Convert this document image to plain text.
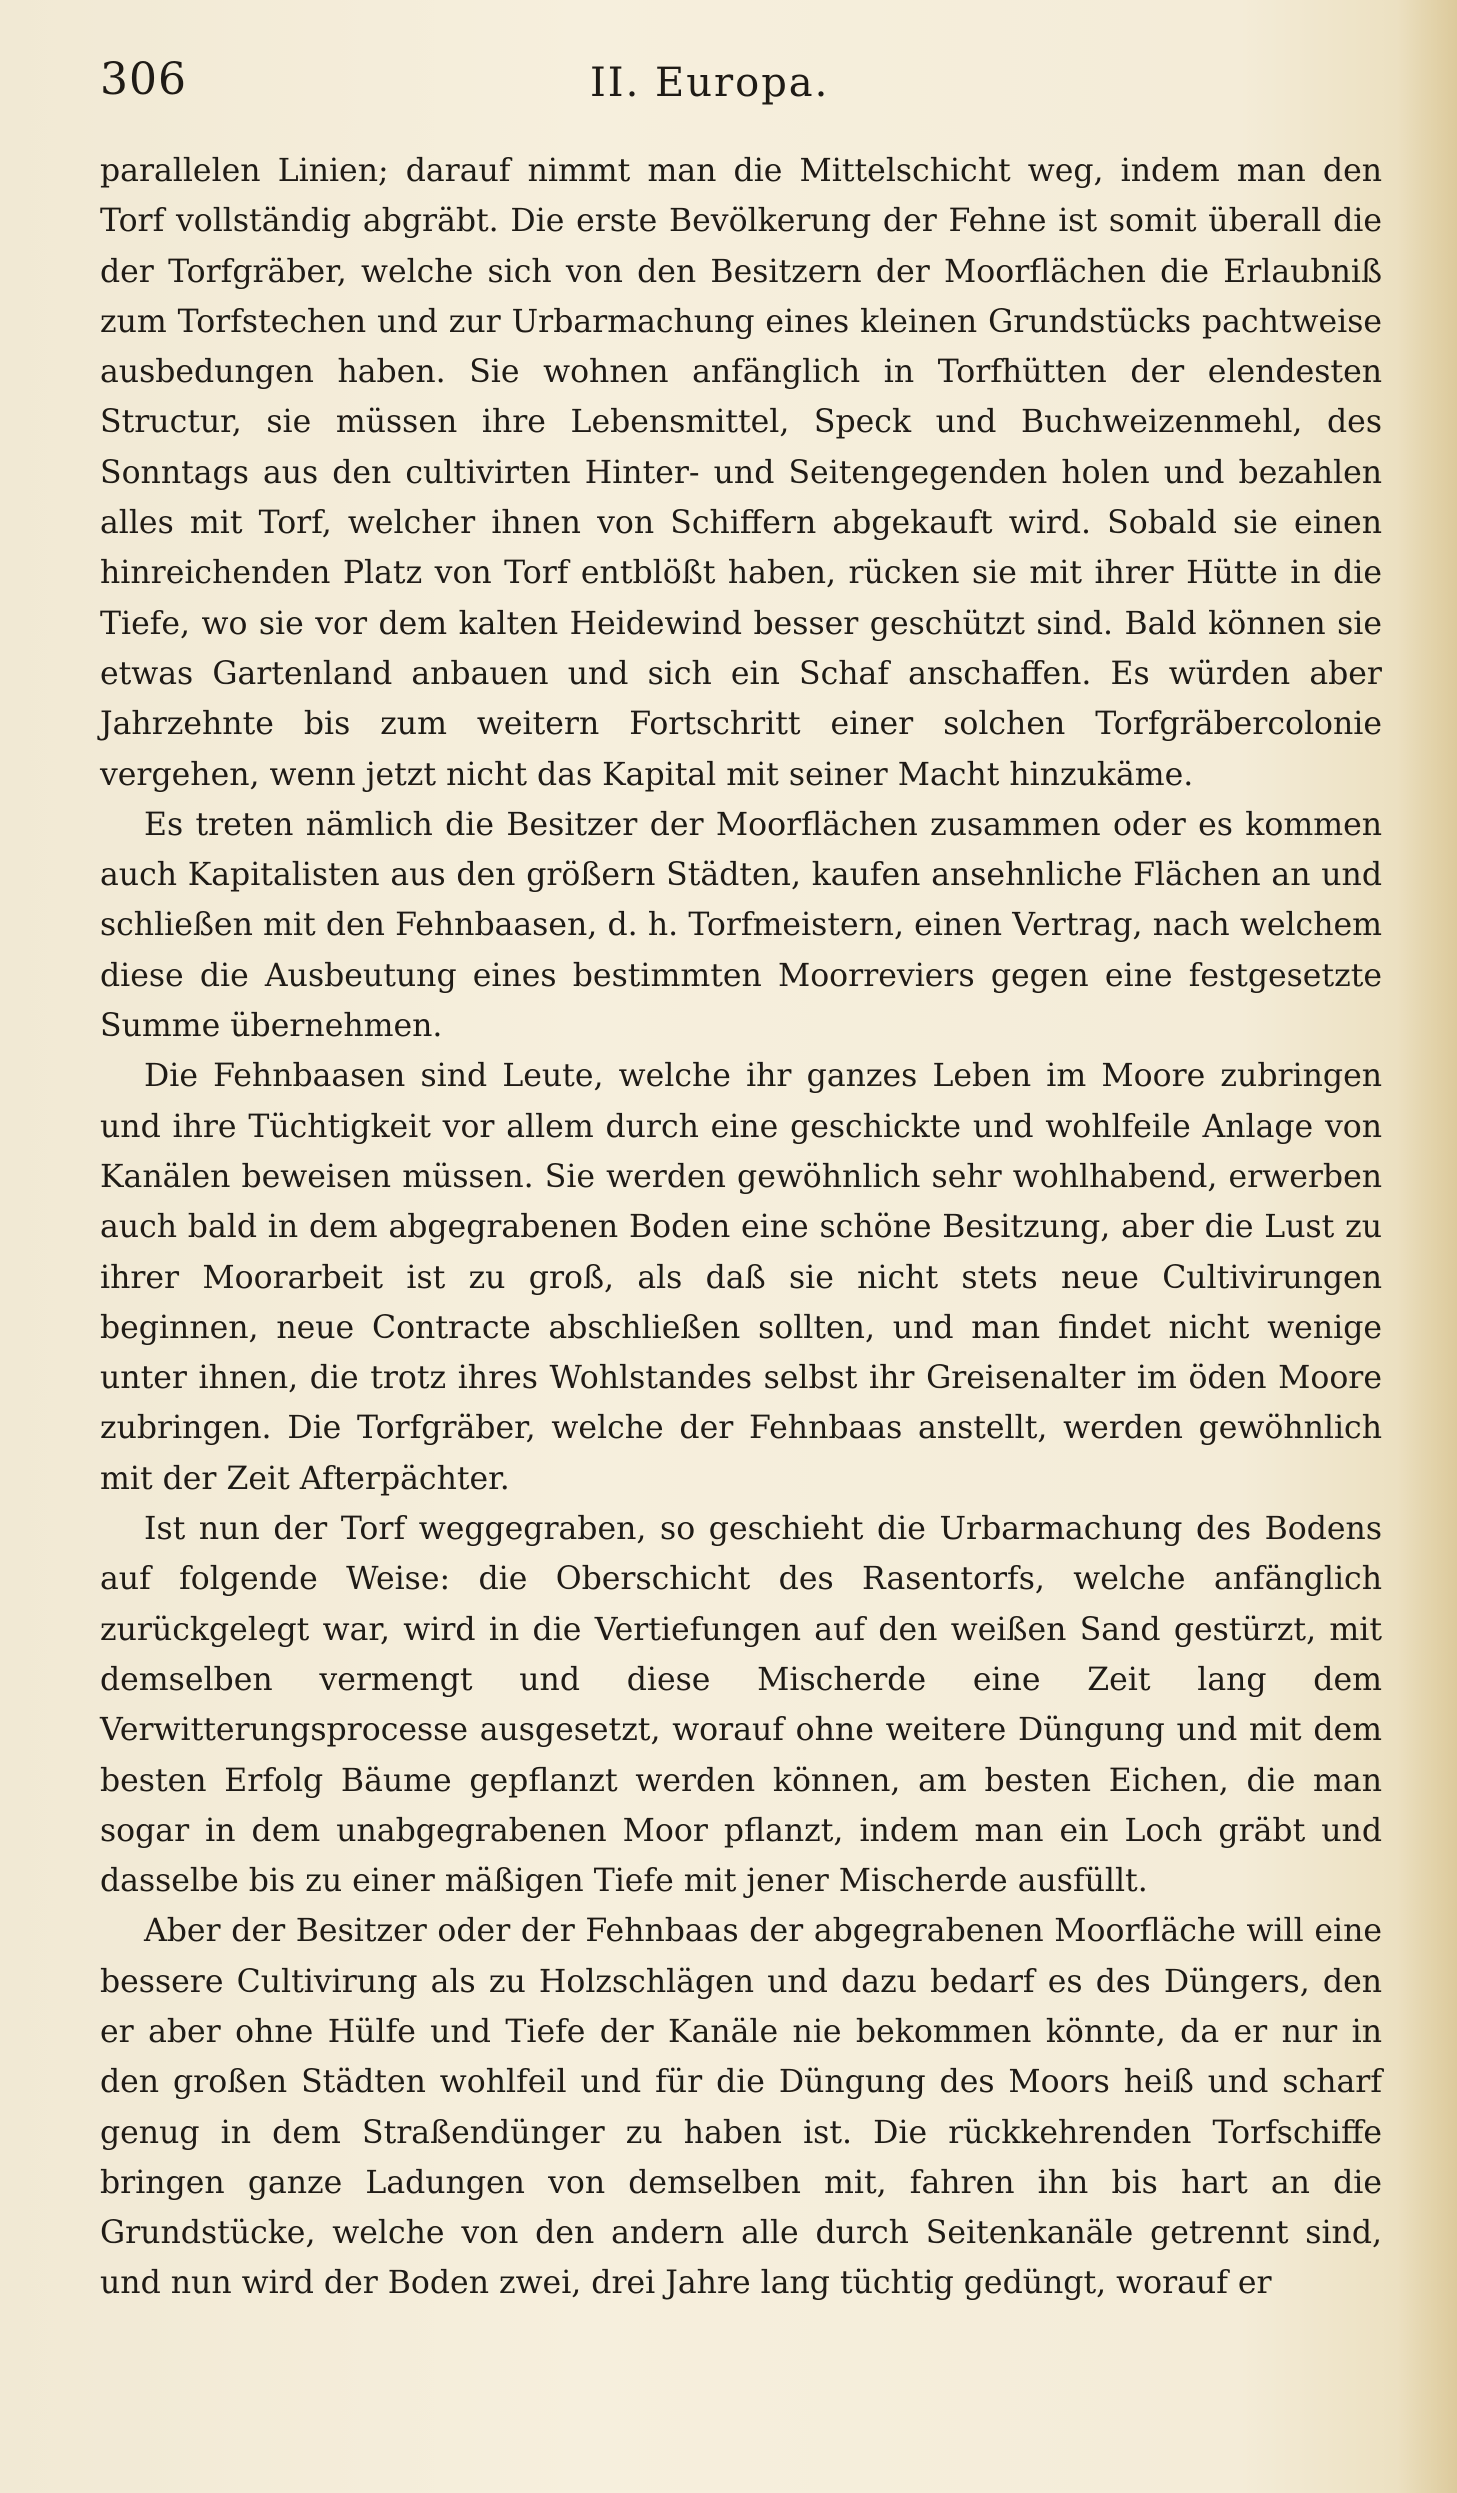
306	II. Europa.

parallelen Linien; darauf nimmt man die Mittelschicht weg, indem man den Torf vollständig abgräbt. Die erste Bevölkerung der Fehne ist somit überall die der Torfgräber, welche sich von den Besitzern der Moorflächen die Erlaubniß zum Torfstechen und zur Urbarmachung eines kleinen Grundstücks pachtweise ausbedungen haben. Sie wohnen anfänglich in Torfhütten der elendesten Structur, sie müssen ihre Lebensmittel, Speck und Buchweizenmehl, des Sonntags aus den cultivirten Hinter- und Seitengegenden holen und bezahlen alles mit Torf, welcher ihnen von Schiffern abgekauft wird. Sobald sie einen hinreichenden Platz von Torf entblößt haben, rücken sie mit ihrer Hütte in die Tiefe, wo sie vor dem kalten Heidewind besser geschützt sind. Bald können sie etwas Gartenland anbauen und sich ein Schaf anschaffen. Es würden aber Jahrzehnte bis zum weitern Fortschritt einer solchen Torfgräbercolonie vergehen, wenn jetzt nicht das Kapital mit seiner Macht hinzukäme.

Es treten nämlich die Besitzer der Moorflächen zusammen oder es kommen auch Kapitalisten aus den größern Städten, kaufen ansehnliche Flächen an und schließen mit den Fehnbaasen, d. h. Torfmeistern, einen Vertrag, nach welchem diese die Ausbeutung eines bestimmten Moorreviers gegen eine festgesetzte Summe übernehmen.

Die Fehnbaasen sind Leute, welche ihr ganzes Leben im Moore zubringen und ihre Tüchtigkeit vor allem durch eine geschickte und wohlfeile Anlage von Kanälen beweisen müssen. Sie werden gewöhnlich sehr wohlhabend, erwerben auch bald in dem abgegrabenen Boden eine schöne Besitzung, aber die Lust zu ihrer Moorarbeit ist zu groß, als daß sie nicht stets neue Cultivirungen beginnen, neue Contracte abschließen sollten, und man findet nicht wenige unter ihnen, die trotz ihres Wohlstandes selbst ihr Greisenalter im öden Moore zubringen. Die Torfgräber, welche der Fehnbaas anstellt, werden gewöhnlich mit der Zeit Afterpächter.

Ist nun der Torf weggegraben, so geschieht die Urbarmachung des Bodens auf folgende Weise: die Oberschicht des Rasentorfs, welche anfänglich zurückgelegt war, wird in die Vertiefungen auf den weißen Sand gestürzt, mit demselben vermengt und diese Mischerde eine Zeit lang dem Verwitterungsprocesse ausgesetzt, worauf ohne weitere Düngung und mit dem besten Erfolg Bäume gepflanzt werden können, am besten Eichen, die man sogar in dem unabgegrabenen Moor pflanzt, indem man ein Loch gräbt und dasselbe bis zu einer mäßigen Tiefe mit jener Mischerde ausfüllt.

Aber der Besitzer oder der Fehnbaas der abgegrabenen Moorfläche will eine bessere Cultivirung als zu Holzschlägen und dazu bedarf es des Düngers, den er aber ohne Hülfe und Tiefe der Kanäle nie bekommen könnte, da er nur in den großen Städten wohlfeil und für die Düngung des Moors heiß und scharf genug in dem Straßendünger zu haben ist. Die rückkehrenden Torfschiffe bringen ganze Ladungen von demselben mit, fahren ihn bis hart an die Grundstücke, welche von den andern alle durch Seitenkanäle getrennt sind, und nun wird der Boden zwei, drei Jahre lang tüchtig gedüngt, worauf er
